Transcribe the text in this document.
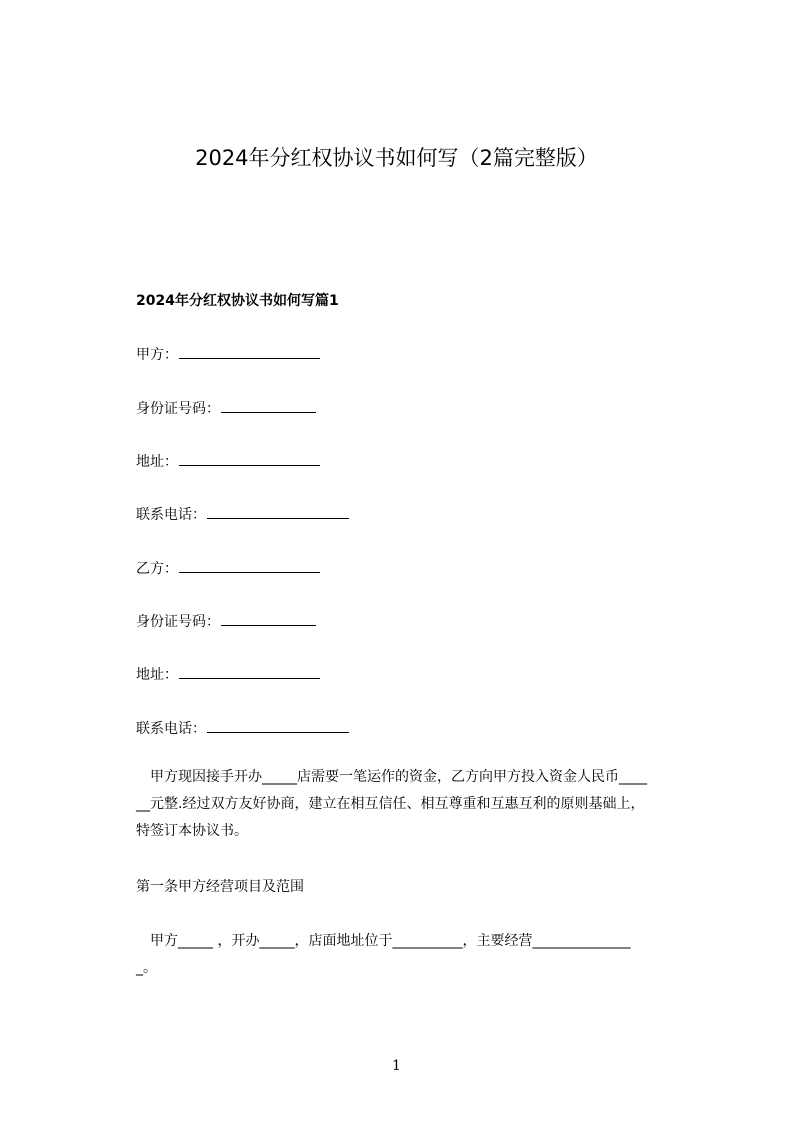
2024年分红权协议书如何写（2篇完整版）
2024年分红权协议书如何写篇1
甲方：
身份证号码：
地址：
联系电话：
乙方：
身份证号码：
地址：
联系电话：
　甲方现因接手开办_____店需要一笔运作的资金，乙方向甲方投入资金人民币____
__元整.经过双方友好协商，建立在相互信任、相互尊重和互惠互利的原则基础上，
特签订本协议书。
第一条甲方经营项目及范围
　甲方_____ ，开办_____，店面地址位于__________，主要经营______________
_。
1
